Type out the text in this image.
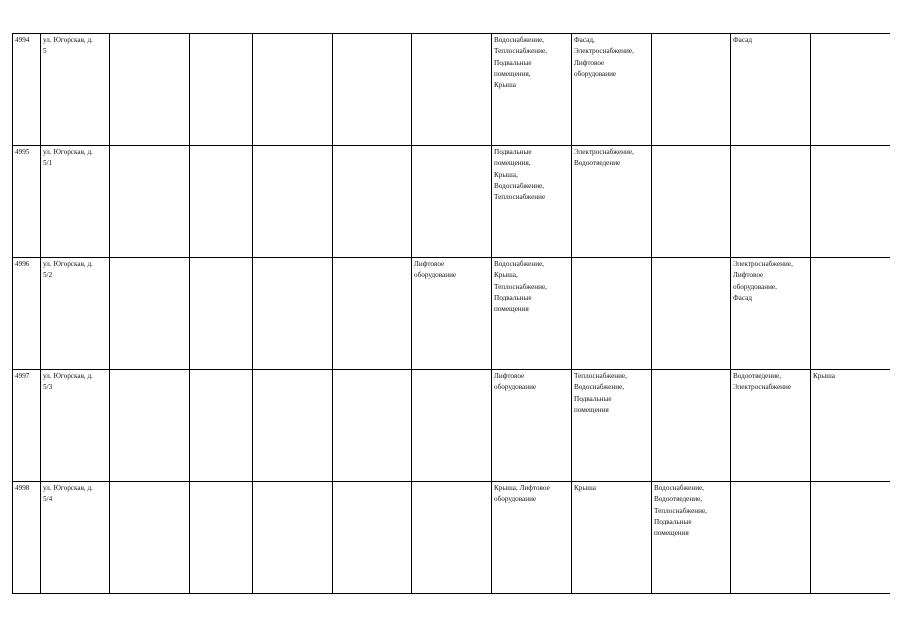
4994	ул. Югорская, д.
5						Водоснабжение,
Теплоснабжение,
Подвальные
помещения,
Крыша	Фасад,
Электроснабжение,
Лифтовое
оборудование		Фасад	
4995	ул. Югорская, д.
5/1						Подвальные
помещения,
Крыша,
Водоснабжение,
Теплоснабжение	Электроснабжение,
Водоотведение			
4996	ул. Югорская, д.
5/2					Лифтовое
оборудование	Водоснабжение,
Крыша,
Теплоснабжение,
Подвальные
помещения			Электроснабжение,
Лифтовое
оборудование,
Фасад	
4997	ул. Югорская, д.
5/3						Лифтовое
оборудование	Теплоснабжение,
Водоснабжение,
Подвальные
помещения		Водоотведение,
Электроснабжение	Крыша
4998	ул. Югорская, д.
5/4						Крыша, Лифтовое
оборудование	Крыша	Водоснабжение,
Водоотведение,
Теплоснабжение,
Подвальные
помещения		
